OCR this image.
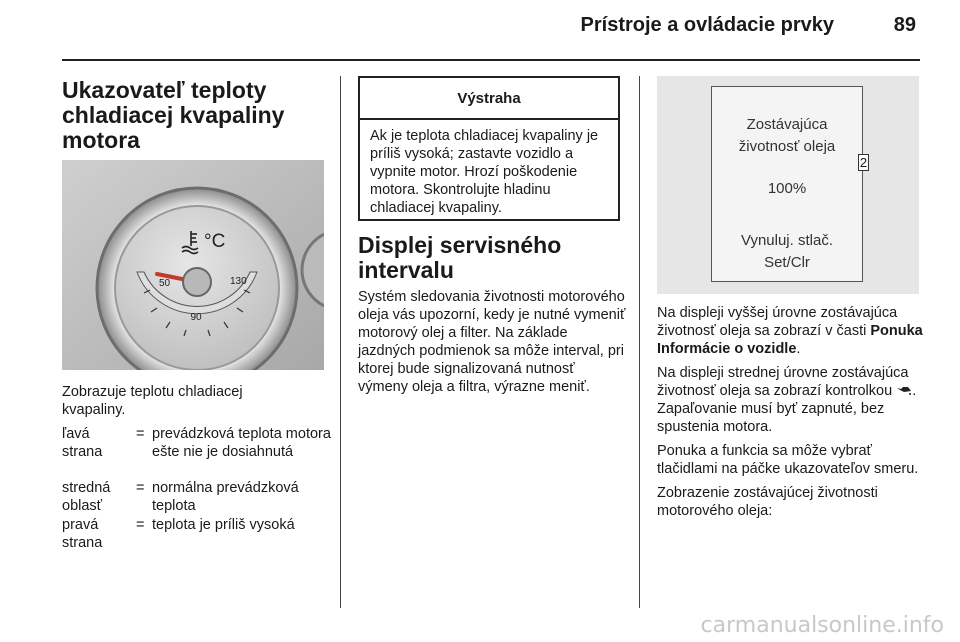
Prístroje a ovládacie prvky	89
Ukazovateľ teploty
chladiacej kvapaliny
motora
°C
50
90
130
Zobrazuje teplotu chladiacej kvapaliny.
ľavá strana
= prevádzková teplota motora ešte nie je dosiahnutá
stredná oblasť
= normálna prevádzková teplota
pravá strana
= teplota je príliš vysoká
Výstraha
Ak je teplota chladiacej kvapaliny je príliš vysoká; zastavte vozidlo a vypnite motor. Hrozí poškodenie motora. Skontrolujte hladinu chladiacej kvapaliny.
Displej servisného
intervalu
Systém sledovania životnosti motorového oleja vás upozorní, kedy je nutné vymeniť motorový olej a filter. Na základe jazdných podmienok sa môže interval, pri ktorej bude signalizovaná nutnosť výmeny oleja a filtra, výrazne meniť.
Zostávajúca
životnosť oleja
100%
Vynuluj. stlač.
Set/Clr
2

Na displeji vyššej úrovne zostávajúca životnosť oleja sa zobrazí v časti Ponuka Informácie o vozidle.

Na displeji strednej úrovne zostávajúca životnosť oleja sa zobrazí kontrolkou . Zapaľovanie musí byť zapnuté, bez spustenia motora.

Ponuka a funkcia sa môže vybrať tlačidlami na páčke ukazovateľov smeru.

Zobrazenie zostávajúcej životnosti motorového oleja:

carmanualsonline.info
